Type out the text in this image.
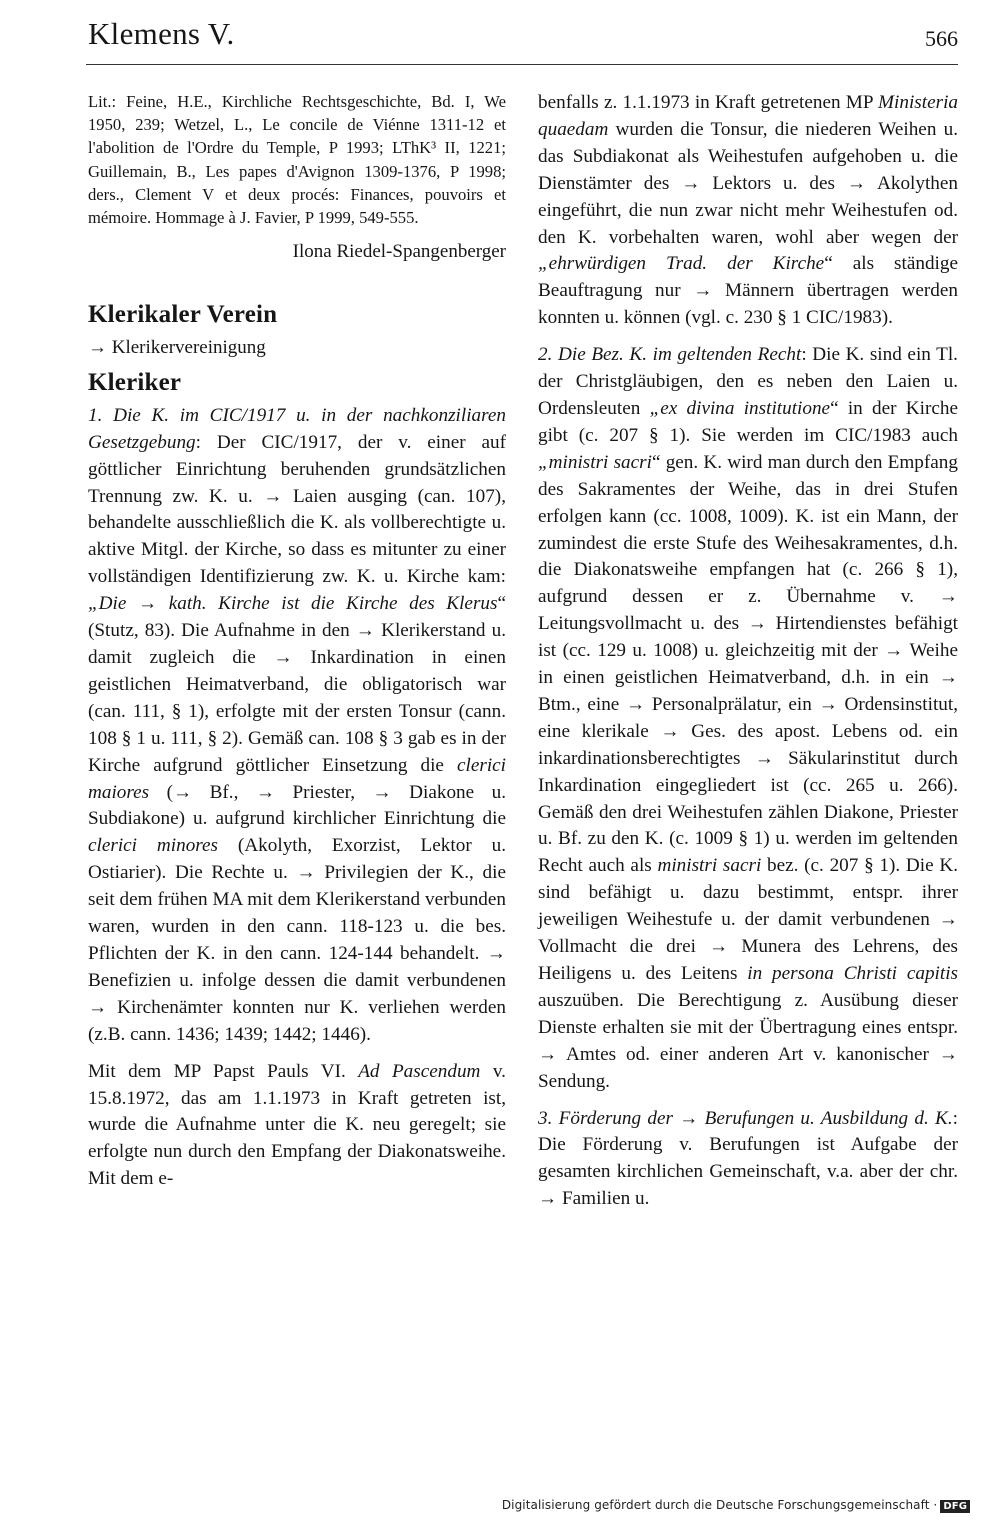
Klemens V.	566

Lit.: Feine, H.E., Kirchliche Rechtsgeschichte, Bd. I, We 1950, 239; Wetzel, L., Le concile de Viénne 1311-12 et l'abolition de l'Ordre du Temple, P 1993; LThK³ II, 1221; Guillemain, B., Les papes d'Avignon 1309-1376, P 1998; ders., Clement V et deux procés: Finances, pouvoirs et mémoire. Hommage à J. Favier, P 1999, 549-555.

Ilona Riedel-Spangenberger

Klerikaler Verein
→ Klerikervereinigung
Kleriker

1. Die K. im CIC/1917 u. in der nachkonziliaren Gesetzgebung: Der CIC/1917, der v. einer auf göttlicher Einrichtung beruhenden grundsätzlichen Trennung zw. K. u. → Laien ausging (can. 107), behandelte ausschließlich die K. als vollberechtigte u. aktive Mitgl. der Kirche, so dass es mitunter zu einer vollständigen Identifizierung zw. K. u. Kirche kam: „Die → kath. Kirche ist die Kirche des Klerus“ (Stutz, 83). Die Aufnahme in den → Klerikerstand u. damit zugleich die → Inkardination in einen geistlichen Heimatverband, die obligatorisch war (can. 111, § 1), erfolgte mit der ersten Tonsur (cann. 108 § 1 u. 111, § 2). Gemäß can. 108 § 3 gab es in der Kirche aufgrund göttlicher Einsetzung die clerici maiores (→ Bf., → Priester, → Diakone u. Subdiakone) u. aufgrund kirchlicher Einrichtung die clerici minores (Akolyth, Exorzist, Lektor u. Ostiarier). Die Rechte u. → Privilegien der K., die seit dem frühen MA mit dem Klerikerstand verbunden waren, wurden in den cann. 118-123 u. die bes. Pflichten der K. in den cann. 124-144 behandelt. → Benefizien u. infolge dessen die damit verbundenen → Kirchenämter konnten nur K. verliehen werden (z.B. cann. 1436; 1439; 1442; 1446).

Mit dem MP Papst Pauls VI. Ad Pascendum v. 15.8.1972, das am 1.1.1973 in Kraft getreten ist, wurde die Aufnahme unter die K. neu geregelt; sie erfolgte nun durch den Empfang der Diakonatsweihe. Mit dem e-

benfalls z. 1.1.1973 in Kraft getretenen MP Ministeria quaedam wurden die Tonsur, die niederen Weihen u. das Subdiakonat als Weihestufen aufgehoben u. die Dienstämter des → Lektors u. des → Akolythen eingeführt, die nun zwar nicht mehr Weihestufen od. den K. vorbehalten waren, wohl aber wegen der „ehrwürdigen Trad. der Kirche“ als ständige Beauftragung nur → Männern übertragen werden konnten u. können (vgl. c. 230 § 1 CIC/1983).

2. Die Bez. K. im geltenden Recht: Die K. sind ein Tl. der Christgläubigen, den es neben den Laien u. Ordensleuten „ex divina institutione“ in der Kirche gibt (c. 207 § 1). Sie werden im CIC/1983 auch „ministri sacri“ gen. K. wird man durch den Empfang des Sakramentes der Weihe, das in drei Stufen erfolgen kann (cc. 1008, 1009). K. ist ein Mann, der zumindest die erste Stufe des Weihesakramentes, d.h. die Diakonatsweihe empfangen hat (c. 266 § 1), aufgrund dessen er z. Übernahme v. → Leitungsvollmacht u. des → Hirtendienstes befähigt ist (cc. 129 u. 1008) u. gleichzeitig mit der → Weihe in einen geistlichen Heimatverband, d.h. in ein → Btm., eine → Personalprälatur, ein → Ordensinstitut, eine klerikale → Ges. des apost. Lebens od. ein inkardinationsberechtigtes → Säkularinstitut durch Inkardination eingegliedert ist (cc. 265 u. 266). Gemäß den drei Weihestufen zählen Diakone, Priester u. Bf. zu den K. (c. 1009 § 1) u. werden im geltenden Recht auch als ministri sacri bez. (c. 207 § 1). Die K. sind befähigt u. dazu bestimmt, entspr. ihrer jeweiligen Weihestufe u. der damit verbundenen → Vollmacht die drei → Munera des Lehrens, des Heiligens u. des Leitens in persona Christi capitis auszuüben. Die Berechtigung z. Ausübung dieser Dienste erhalten sie mit der Übertragung eines entspr. → Amtes od. einer anderen Art v. kanonischer → Sendung.

3. Förderung der → Berufungen u. Ausbildung d. K.: Die Förderung v. Berufungen ist Aufgabe der gesamten kirchlichen Gemeinschaft, v.a. aber der chr. → Familien u.

Digitalisierung gefördert durch die Deutsche Forschungsgemeinschaft · DFG
